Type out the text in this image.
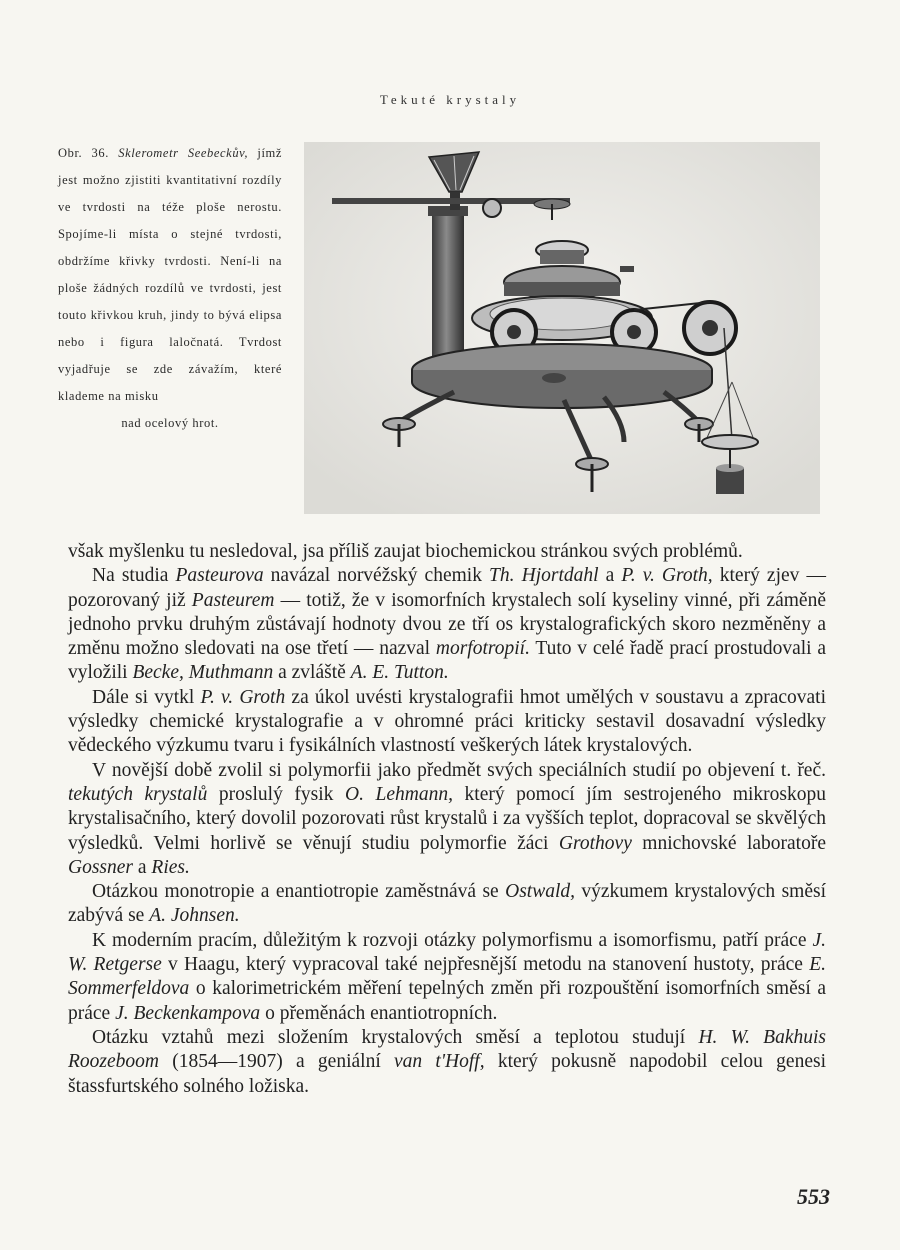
Tekuté krystaly
Obr. 36. Sklerometr Seebeckův, jímž jest možno zjistiti kvantitativní rozdíly ve tvrdosti na téže ploše nerostu. Spojíme-li místa o stejné tvrdosti, obdržíme křivky tvrdosti. Není-li na ploše žádných rozdílů ve tvrdosti, jest touto křivkou kruh, jindy to bývá elipsa nebo i figura laločnatá. Tvrdost vyjadřuje se zde závažím, které klademe na misku
nad ocelový hrot.

však myšlenku tu nesledoval, jsa příliš zaujat biochemickou stránkou svých problémů.

Na studia Pasteurova navázal norvéžský chemik Th. Hjortdahl a P. v. Groth, který zjev — pozorovaný již Pasteurem — totiž, že v isomorfních krystalech solí kyseliny vinné, při záměně jednoho prvku druhým zůstávají hodnoty dvou ze tří os krystalografických skoro nezměněny a změnu možno sledovati na ose třetí — nazval morfotropií. Tuto v celé řadě prací prostudovali a vyložili Becke, Muthmann a zvláště A. E. Tutton.

Dále si vytkl P. v. Groth za úkol uvésti krystalografii hmot umělých v soustavu a zpracovati výsledky chemické krystalografie a v ohromné práci kriticky sestavil dosavadní výsledky vědeckého výzkumu tvaru i fysikálních vlastností veškerých látek krystalových.

V novější době zvolil si polymorfii jako předmět svých speciálních studií po objevení t. řeč. tekutých krystalů proslulý fysik O. Lehmann, který pomocí jím sestrojeného mikroskopu krystalisačního, který dovolil pozorovati růst krystalů i za vyšších teplot, dopracoval se skvělých výsledků. Velmi horlivě se věnují studiu polymorfie žáci Grothovy mnichovské laboratoře Gossner a Ries.

Otázkou monotropie a enantiotropie zaměstnává se Ostwald, výzkumem krystalových směsí zabývá se A. Johnsen.

K moderním pracím, důležitým k rozvoji otázky polymorfismu a isomorfismu, patří práce J. W. Retgerse v Haagu, který vypracoval také nejpřesnější metodu na stanovení hustoty, práce E. Sommerfeldova o kalorimetrickém měření tepelných změn při rozpouštění isomorfních směsí a práce J. Beckenkampova o přeměnách enantiotropních.

Otázku vztahů mezi složením krystalových směsí a teplotou studují H. W. Bakhuis Roozeboom (1854—1907) a geniální van t'Hoff, který pokusně napodobil celou genesi štassfurtského solného ložiska.

553
